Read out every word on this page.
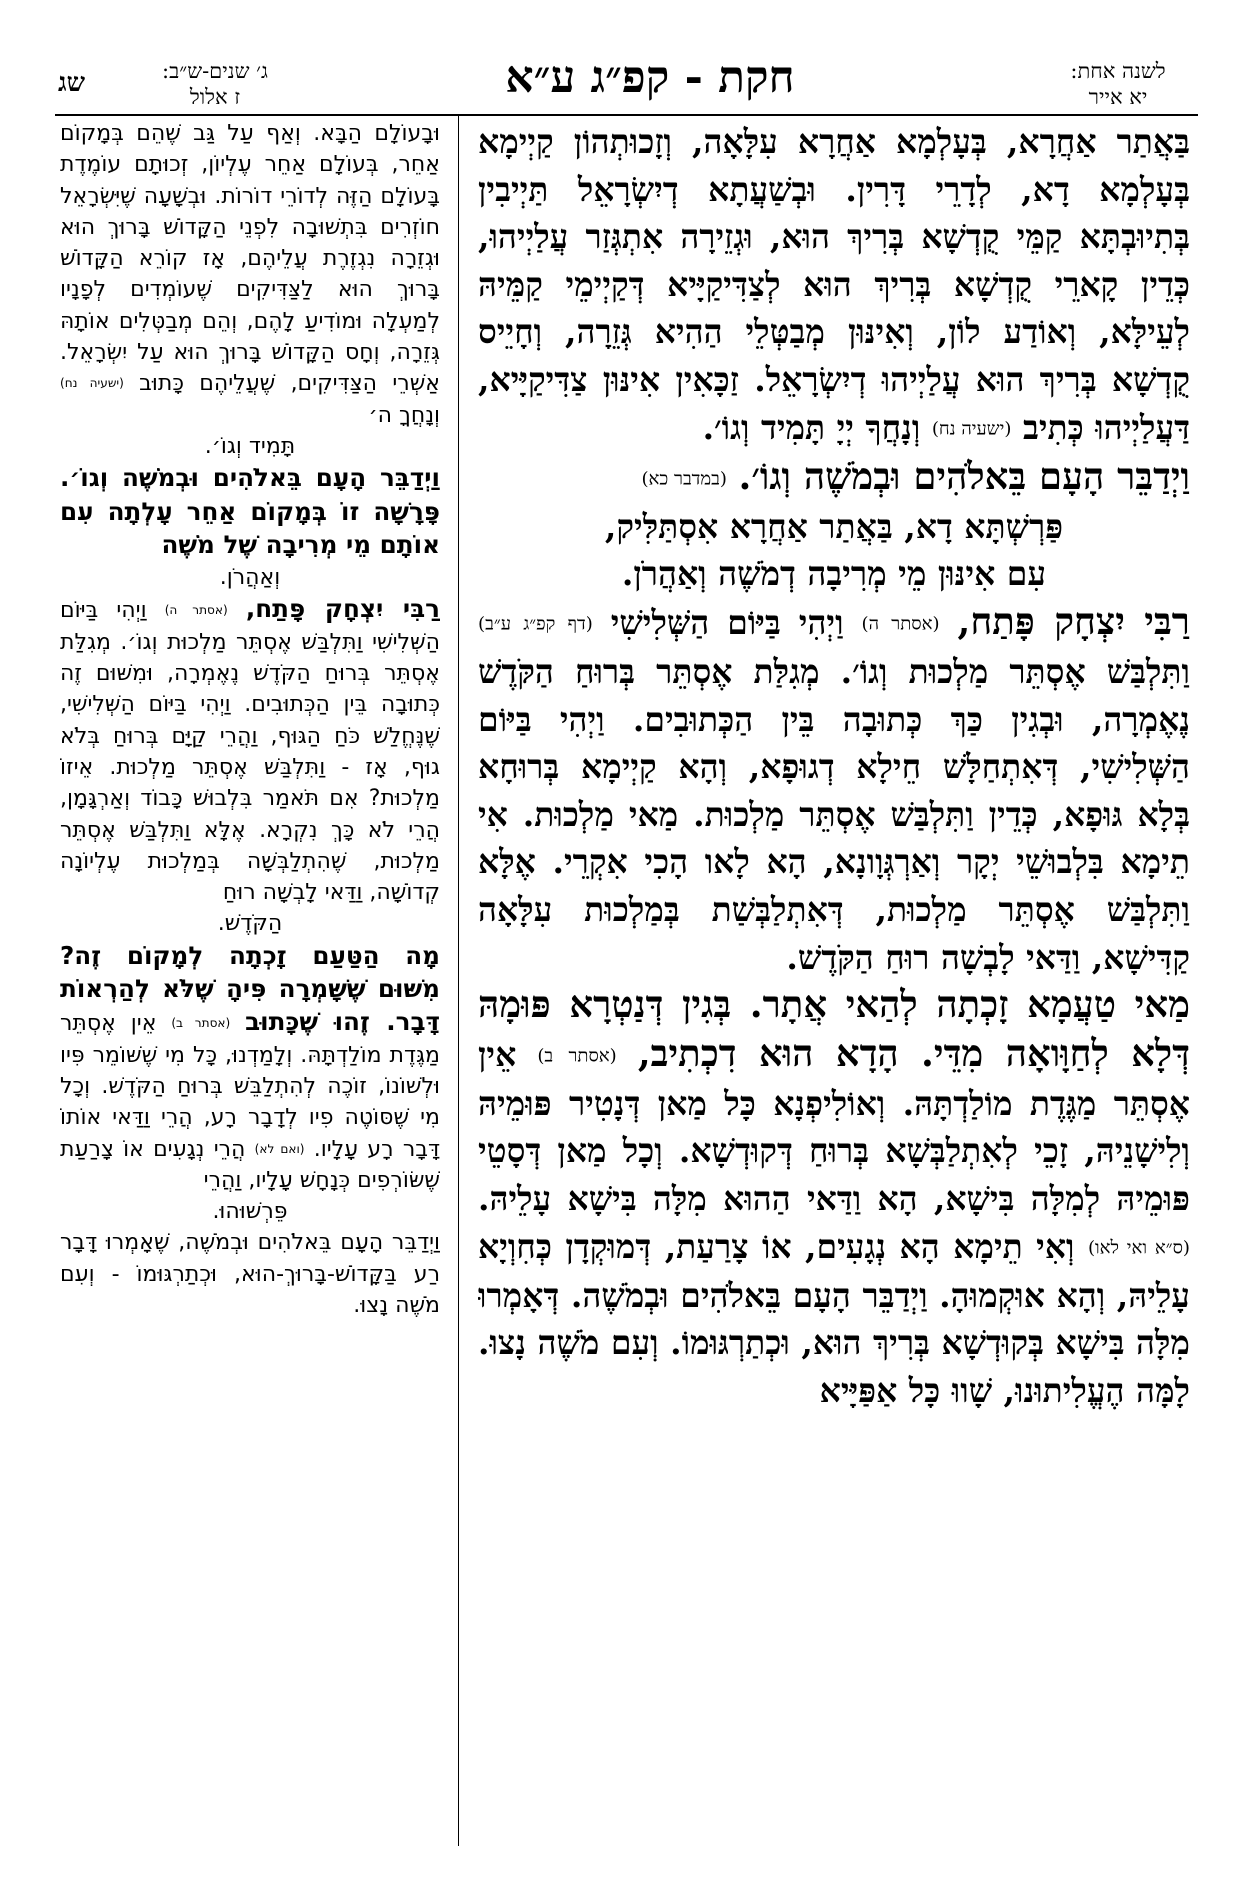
שג	ג׳ שנים-ש״ב:
ז אלול	חקת - קפ״ג ע״א	לשנה אחת:
יא אייר

בַּאֲתַר אַחֲרָא, בְּעָלְמָא אַחֲרָא עִלָּאָה, וְזָכוּתְהוֹן קַיְימָא בְּעָלְמָא דָא, לְדָרֵי דָּרִין. וּבְשַׁעֲתָא דְיִשְׂרָאֵל תַּיְיבִין בְּתִיוּבְתָּא קַמֵּי קֻדְשָׁא בְּרִיךְ הוּא, וּגְזֵירָה אִתְגְּזַר עֲלַיְיהוּ, כְּדֵין קָארֵי קֻדְשָׁא בְּרִיךְ הוּא לְצַדִּיקַיָּיא דְּקַיְימֵי קַמֵּיהּ לְעֵילָּא, וְאוֹדַע לוֹן, וְאִינּוּן מְבַטְּלֵי הַהִיא גְּזֵרָה, וְחָיֵיס קֻדְשָׁא בְּרִיךְ הוּא עֲלַיְיהוּ דְיִשְׂרָאֵל. זַכָּאִין אִינּוּן צַדִּיקַיָּיא, דַּעֲלַיְיהוּ כְּתִיב (ישעיה נח) וְנָחֲךָ יְיָ תָּמִיד וְגוֹ׳.

וַיְדַבֵּר הָעָם בֵּאלֹהִים וּבְמֹשֶׁה וְגוֹ׳. (במדבר כא)

פַּרְשְׁתָּא דָא, בַּאֲתַר אַחֲרָא אִסְתַּלִּיק,

עִם אִינּוּן מֵי מְרִיבָה דְמֹשֶׁה וְאַהֲרֹן.

רַבִּי יִצְחָק פָּתַח, (אסתר ה) וַיְהִי בַּיּוֹם הַשְּׁלִישִׁי (דף קפ״ג ע״ב) וַתִּלְבַּשׁ אֶסְתֵּר מַלְכוּת וְגוֹ׳. מְגִלַּת אֶסְתֵּר בְּרוּחַ הַקֹּדֶשׁ נֶאֶמְרָה, וּבְגִין כַּךְ כְּתוּבָה בֵּין הַכְּתוּבִים. וַיְהִי בַּיּוֹם הַשְּׁלִישִׁי, דְּאִתְחַלָּשׁ חֵילָא דְגוּפָא, וְהָא קַיְימָא בְּרוּחָא בְּלָא גּוּפָא, כְּדֵין וַתִּלְבַּשׁ אֶסְתֵּר מַלְכוּת. מַאי מַלְכוּת. אִי תֵימָא בִּלְבוּשֵׁי יְקָר וְאַרְגְּוָונָא, הָא לָאו הָכִי אִקְרֵי. אֶלָּא וַתִּלְבַּשׁ אֶסְתֵּר מַלְכוּת, דְּאִתְלַבְּשַׁת בְּמַלְכוּת עִלָּאָה קַדִּישָׁא, וַדַּאי לָבְשָׁה רוּחַ הַקֹּדֶשׁ.

מַאי טַעֲמָא זָכְתָה לְהַאי אֲתָר. בְּגִין דְּנַטְרָא פּוּמָהּ דְּלָא לְחַוָּואָה מִדֵּי. הָדָא הוּא דִכְתִיב, (אסתר ב) אֵין אֶסְתֵּר מַגֶּדֶת מוֹלַדְתָּהּ. וְאוֹלִיפְנָא כָּל מַאן דְּנָטִיר פּוּמֵיהּ וְלִישָׁנֵיהּ, זָכֵי לְאִתְלַבְּשָׁא בְּרוּחַ דְּקוּדְשָׁא. וְכָל מַאן דְּסָטֵי פּוּמֵיהּ לְמִלָּה בִּישָׁא, הָא וַדַּאי הַהוּא מִלָּה בִּישָׁא עָלֵיהּ. (ס״א ואי לאו) וְאִי תֵימָא הָא נְגָעִים, אוֹ צָרַעַת, דְּמוּקְדָן כְּחִוְיָא עָלֵיהּ, וְהָא אוּקְמוּהָ. וַיְדַבֵּר הָעָם בֵּאלֹהִים וּבְמֹשֶׁה. דְּאָמְרוּ מִלָּה בִּישָׁא בְּקוּדְשָׁא בְּרִיךְ הוּא, וּכְתַרְגּוּמוֹ. וְעִם מֹשֶׁה נָצוּ. לָמָּה הֶעֱלִיתוּנוּ, שָׁווּ כָּל אַפַּיָּיא

וּבָעוֹלָם הַבָּא. וְאַף עַל גַּב שֶׁהֵם בְּמָקוֹם אַחֵר, בְּעוֹלָם אַחֵר עֶלְיוֹן, זְכוּתָם עוֹמֶדֶת בָּעוֹלָם הַזֶּה לְדוֹרֵי דוֹרוֹת. וּבְשָׁעָה שֶׁיִּשְׂרָאֵל חוֹזְרִים בִּתְשׁוּבָה לִפְנֵי הַקָּדוֹשׁ בָּרוּךְ הוּא וּגְזֵרָה נִגְזֶרֶת עֲלֵיהֶם, אָז קוֹרֵא הַקָּדוֹשׁ בָּרוּךְ הוּא לַצַּדִּיקִים שֶׁעוֹמְדִים לְפָנָיו לְמַעְלָה וּמוֹדִיעַ לָהֶם, וְהֵם מְבַטְּלִים אוֹתָהּ גְּזֵרָה, וְחָס הַקָּדוֹשׁ בָּרוּךְ הוּא עַל יִשְׂרָאֵל. אַשְׁרֵי הַצַּדִּיקִים, שֶׁעֲלֵיהֶם כָּתוּב (ישעיה נח) וְנָחֲךָ ה׳

תָּמִיד וְגוֹ׳.

וַיְדַבֵּר הָעָם בֵּאלֹהִים וּבְמֹשֶׁה וְגוֹ׳. פָּרָשָׁה זוֹ בְּמָקוֹם אַחֵר עָלְתָה עִם אוֹתָם מֵי מְרִיבָה שֶׁל מֹשֶׁה

וְאַהֲרֹן.

רַבִּי יִצְחָק פָּתַח, (אסתר ה) וַיְהִי בַּיּוֹם הַשְּׁלִישִׁי וַתִּלְבַּשׁ אֶסְתֵּר מַלְכוּת וְגוֹ׳. מְגִלַּת אֶסְתֵּר בְּרוּחַ הַקֹּדֶשׁ נֶאֶמְרָה, וּמִשּׁוּם זֶה כְּתוּבָה בֵּין הַכְּתוּבִים. וַיְהִי בַּיּוֹם הַשְּׁלִישִׁי, שֶׁנֶּחֱלַשׁ כֹּחַ הַגּוּף, וַהֲרֵי קַיָּם בְּרוּחַ בְּלֹא גוּף, אָז - וַתִּלְבַּשׁ אֶסְתֵּר מַלְכוּת. אֵיזוֹ מַלְכוּת? אִם תֹּאמַר בִּלְבוּשׁ כָּבוֹד וְאַרְגָּמָן, הֲרֵי לֹא כָּךְ נִקְרָא. אֶלָּא וַתִּלְבַּשׁ אֶסְתֵּר מַלְכוּת, שֶׁהִתְלַבְּשָׁה בְּמַלְכוּת עֶלְיוֹנָה קְדוֹשָׁה, וַדַּאי לָבְשָׁה רוּחַ

הַקֹּדֶשׁ.

מָה הַטַּעַם זָכְתָה לְמָקוֹם זֶה? מִשּׁוּם שֶׁשָּׁמְרָה פִּיהָ שֶׁלֹּא לְהַרְאוֹת דָּבָר. זֶהוּ שֶׁכָּתוּב (אסתר ב) אֵין אֶסְתֵּר מַגֶּדֶת מוֹלַדְתָּהּ. וְלָמַדְנוּ, כָּל מִי שֶׁשּׁוֹמֵר פִּיו וּלְשׁוֹנוֹ, זוֹכֶה לְהִתְלַבֵּשׁ בְּרוּחַ הַקֹּדֶשׁ. וְכָל מִי שֶׁסּוֹטֶה פִיו לְדָבָר רָע, הֲרֵי וַדַּאי אוֹתוֹ דָּבָר רָע עָלָיו. (ואם לא) הֲרֵי נְגָעִים אוֹ צָרַעַת שֶׁשּׂוֹרְפִים כְּנָחָשׁ עָלָיו, וַהֲרֵי

פֵּרְשׁוּהוּ.

וַיְדַבֵּר הָעָם בֵּאלֹהִים וּבְמֹשֶׁה, שֶׁאָמְרוּ דָּבָר רַע בַּקָּדוֹשׁ-בָּרוּךְ-הוּא, וּכְתַרְגּוּמוֹ - וְעִם מֹשֶׁה נָצוּ.
